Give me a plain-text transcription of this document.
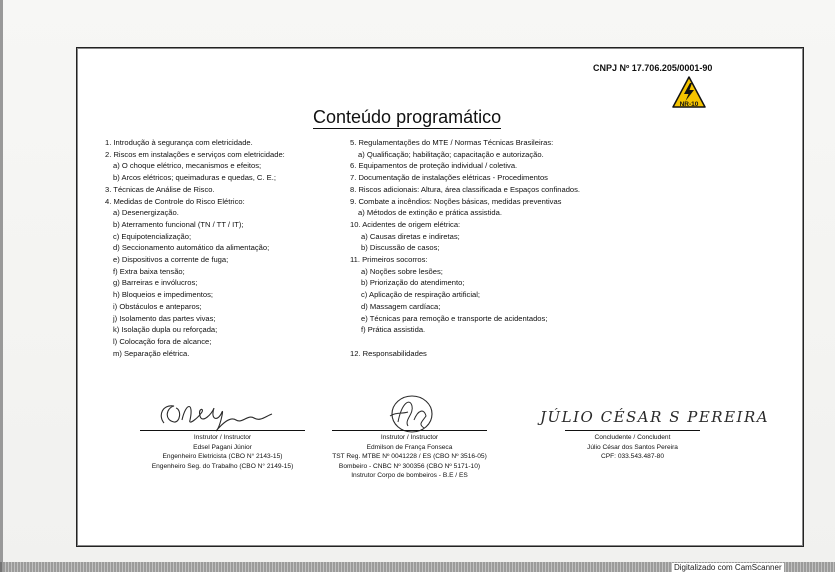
CNPJ Nº 17.706.205/0001-90
NR-10
Conteúdo programático
1. Introdução à segurança com eletricidade.
2. Riscos em instalações e serviços com eletricidade:
a) O choque elétrico, mecanismos e efeitos;
b) Arcos elétricos; queimaduras e quedas, C. E.;
3. Técnicas de Análise de Risco.
4. Medidas de Controle do Risco Elétrico:
a) Desenergização.
b) Aterramento funcional (TN / TT / IT);
c) Equipotencialização;
d) Seccionamento automático da alimentação;
e) Dispositivos a corrente de fuga;
f) Extra baixa tensão;
g) Barreiras e invólucros;
h) Bloqueios e impedimentos;
i) Obstáculos e anteparos;
j) Isolamento das partes vivas;
k) Isolação dupla ou reforçada;
l) Colocação fora de alcance;
m) Separação elétrica.
5. Regulamentações do MTE / Normas Técnicas Brasileiras:
a) Qualificação; habilitação; capacitação e autorização.
6. Equipamentos de proteção individual / coletiva.
7. Documentação de instalações elétricas - Procedimentos
8. Riscos adicionais: Altura, área classificada e Espaços confinados.
9. Combate a incêndios: Noções básicas, medidas preventivas
a) Métodos de extinção e prática assistida.
10. Acidentes de origem elétrica:
a) Causas diretas e indiretas;
b) Discussão de casos;
11. Primeiros socorros:
a) Noções sobre lesões;
b) Priorização do atendimento;
c) Aplicação de respiração artificial;
d) Massagem cardíaca;
e) Técnicas para remoção e transporte de acidentados;
f) Prática assistida.

12. Responsabilidades
Instrutor / Instructor
Edsel Pagani Júnior
Engenheiro Eletricista (CBO N° 2143-15)
Engenheiro Seg. do Trabalho (CBO N° 2149-15)
Instrutor / Instructor
Edmilson de França Fonseca
TST Reg. MTBE Nº 0041228 / ES (CBO Nº 3516-05)
Bombeiro - CNBC Nº 300356 (CBO Nº 5171-10)
Instrutor Corpo de bombeiros - B.E / ES
JÚLIO CÉSAR S PEREIRA
Concludente / Concludent
Júlio César dos Santos Pereira
CPF: 033.543.487-80
Digitalizado com CamScanner
